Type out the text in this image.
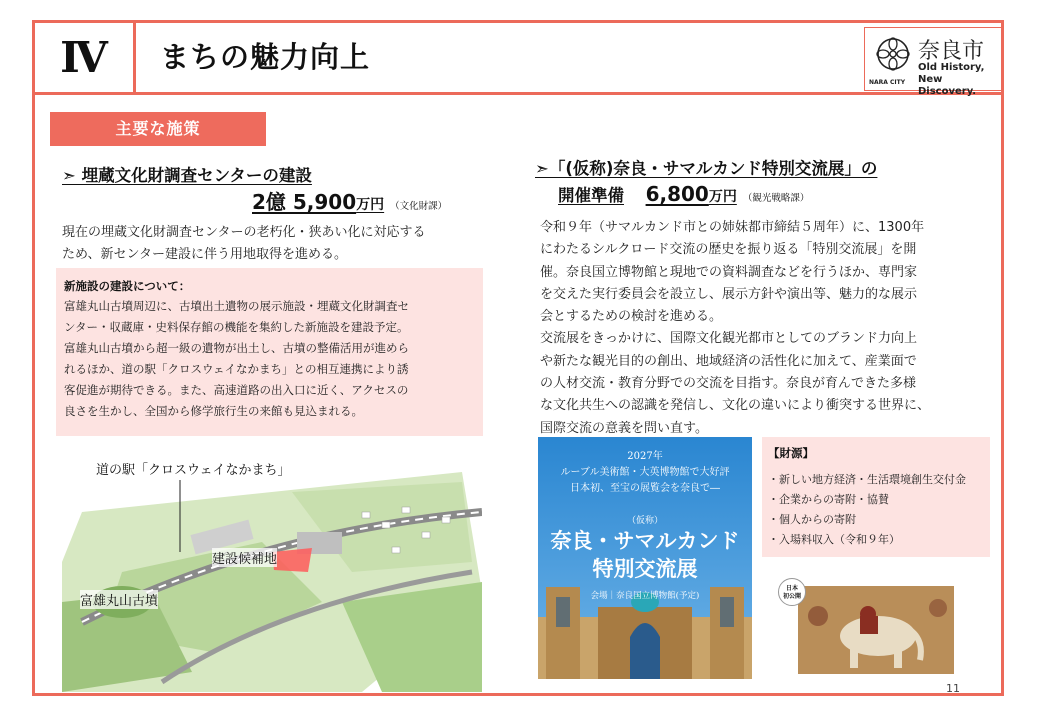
Ⅳ	まちの魅力向上
NARA CITY
奈良市
Old History,
New Discovery.
主要な施策
➣ 埋蔵文化財調査センターの建設
2億 5,900万円 （文化財課）
現在の埋蔵文化財調査センターの老朽化・狭あい化に対応する
ため、新センター建設に伴う用地取得を進める。
新施設の建設について：
富雄丸山古墳周辺に、古墳出土遺物の展示施設・埋蔵文化財調査セ
ンター・収蔵庫・史料保存館の機能を集約した新施設を建設予定。
富雄丸山古墳から超一級の遺物が出土し、古墳の整備活用が進めら
れるほか、道の駅「クロスウェイなかまち」との相互連携により誘
客促進が期待できる。また、高速道路の出入口に近く、アクセスの
良さを生かし、全国から修学旅行生の来館も見込まれる。
道の駅「クロスウェイなかまち」
建設候補地
富雄丸山古墳
➣「(仮称)奈良・サマルカンド特別交流展」の
開催準備 6,800万円 （観光戦略課）
令和９年（サマルカンド市との姉妹都市締結５周年）に、1300年
にわたるシルクロード交流の歴史を振り返る「特別交流展」を開
催。奈良国立博物館と現地での資料調査などを行うほか、専門家
を交えた実行委員会を設立し、展示方針や演出等、魅力的な展示
会とするための検討を進める。
交流展をきっかけに、国際文化観光都市としてのブランド力向上
や新たな観光目的の創出、地域経済の活性化に加えて、産業面で
の人材交流・教育分野での交流を目指す。奈良が育んできた多様
な文化共生への認識を発信し、文化の違いにより衝突する世界に、
国際交流の意義を問い直す。
2027年
ルーブル美術館・大英博物館で大好評
日本初、至宝の展覧会を奈良で―
（仮称）
奈良・サマルカンド
特別交流展
会場｜奈良国立博物館(予定)
【財源】
・新しい地方経済・生活環境創生交付金
・企業からの寄附・協賛
・個人からの寄附
・入場料収入（令和９年）
日本
初公開
11
